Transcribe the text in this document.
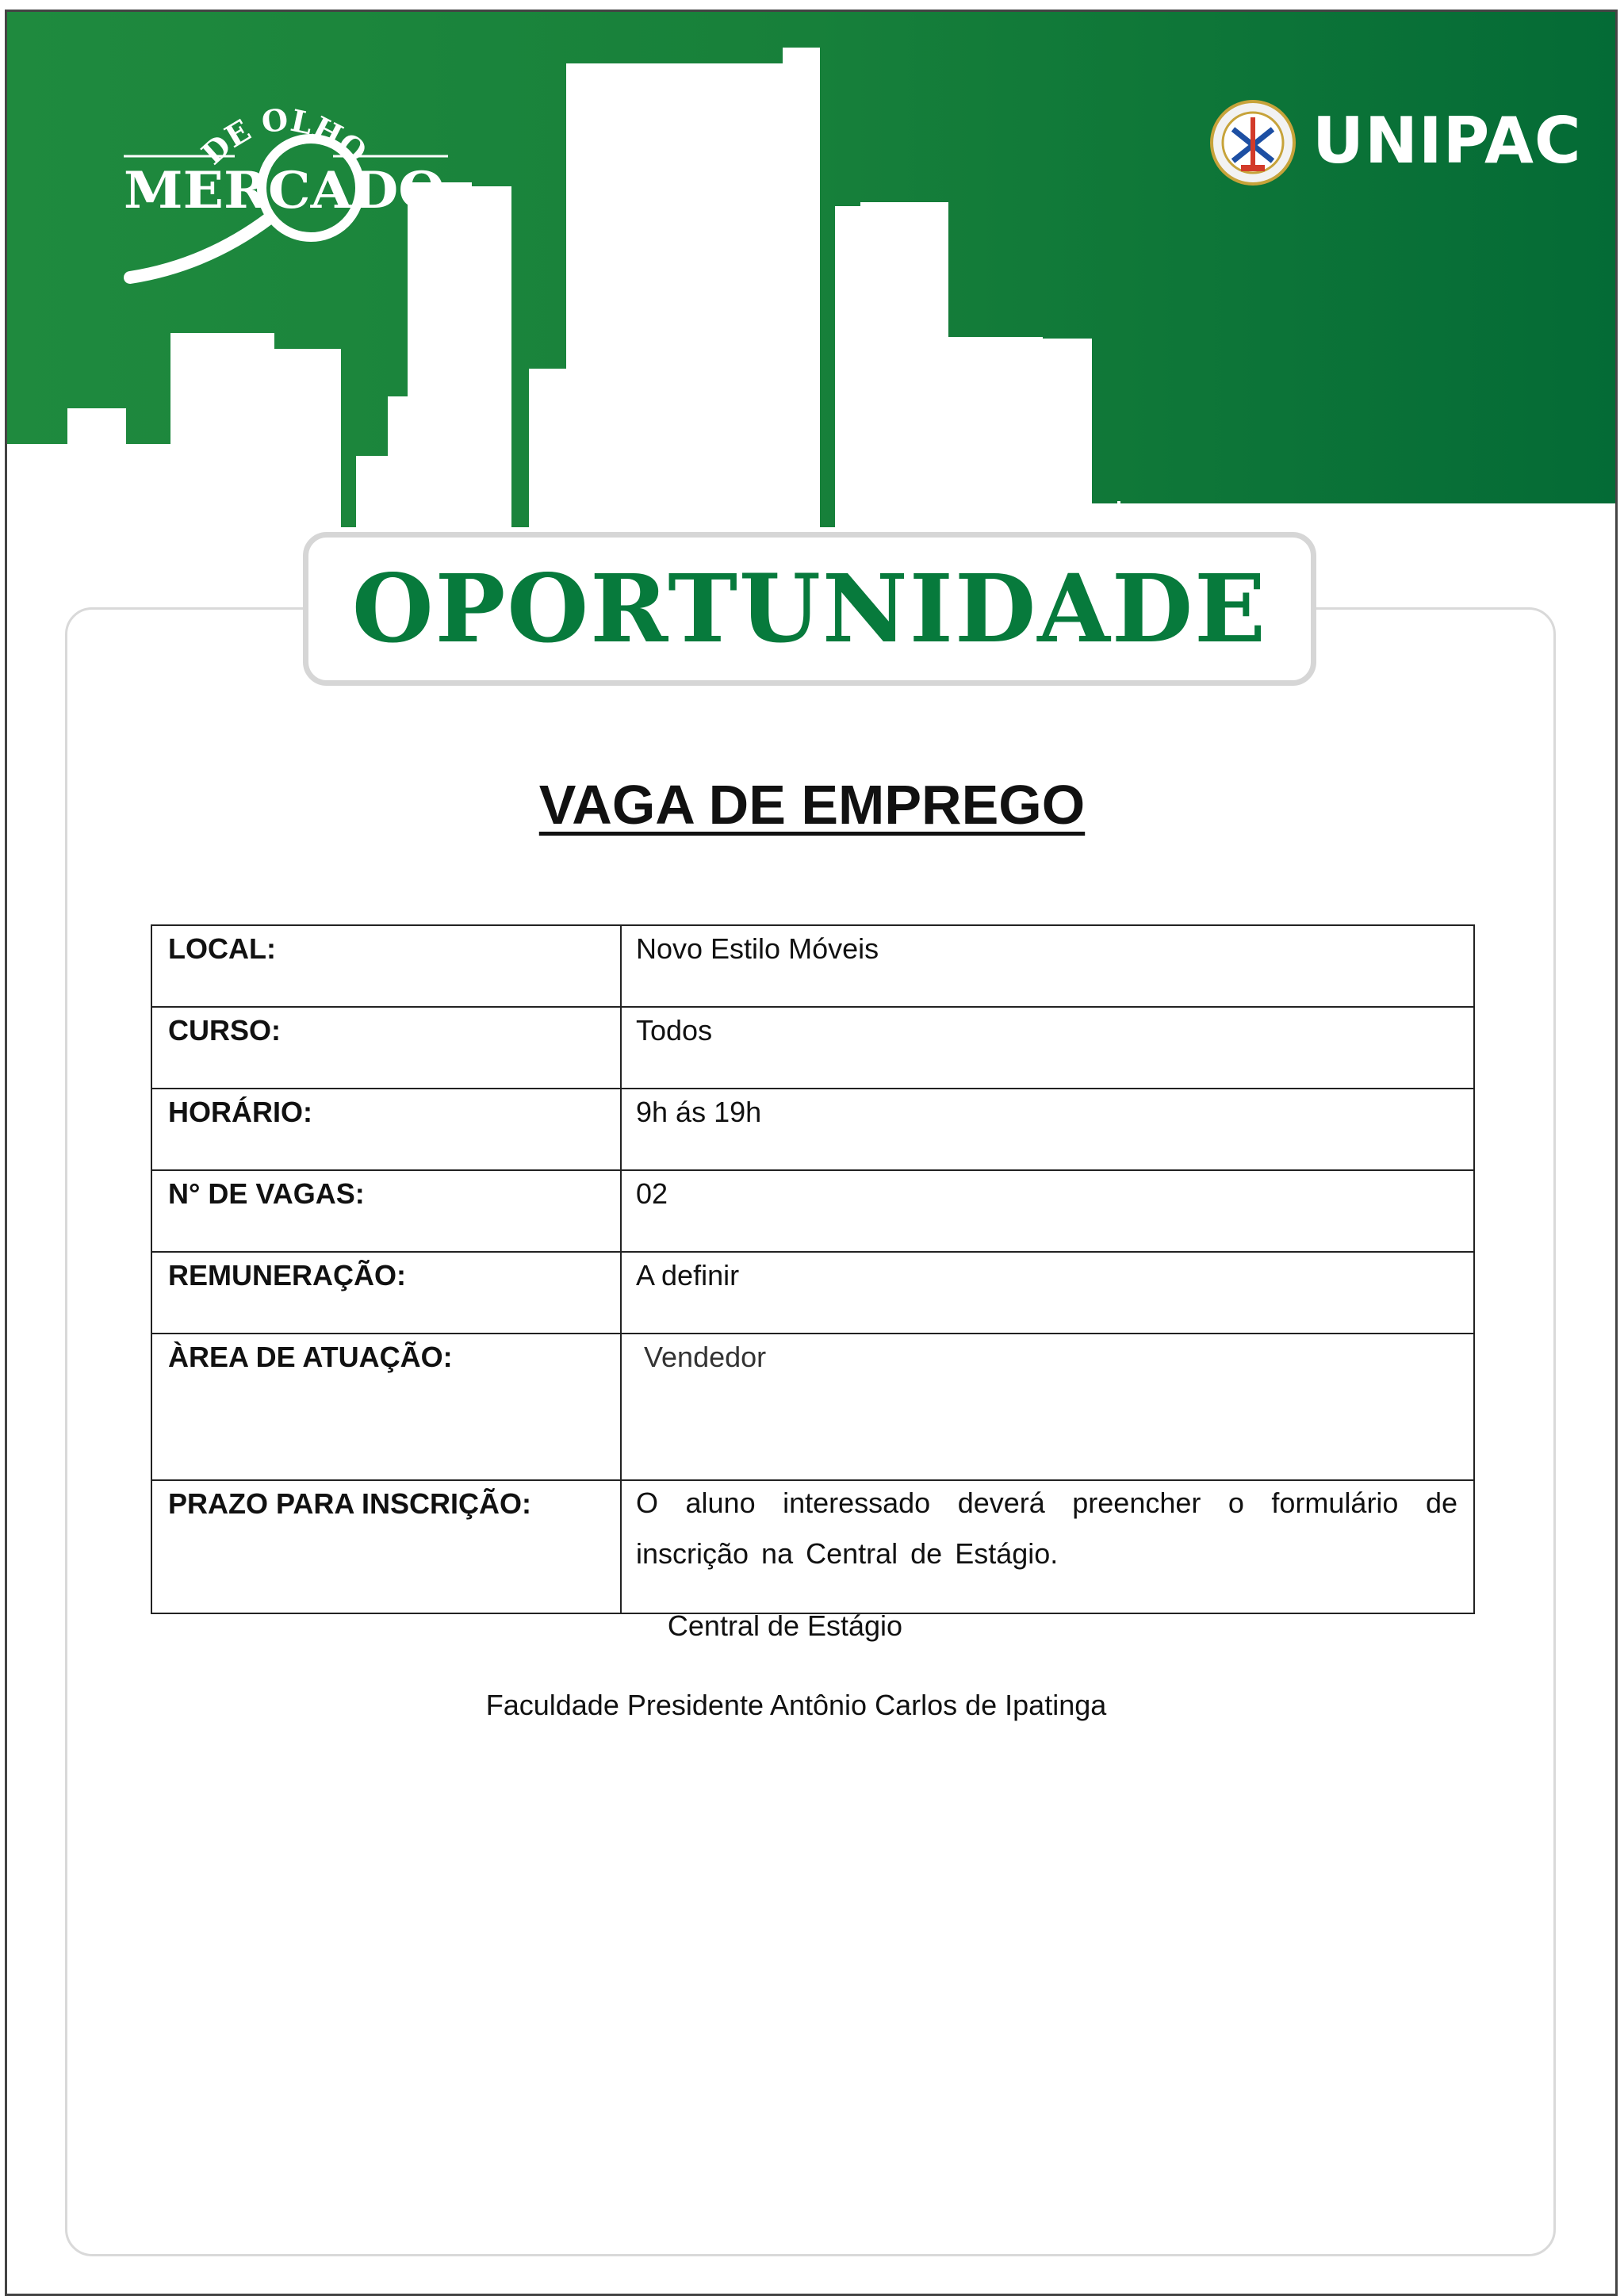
DE OLHO
MERCADO
UNIPAC
OPORTUNIDADE
VAGA DE EMPREGO
LOCAL:	Novo Estilo Móveis
CURSO:	Todos
HORÁRIO:	9h ás 19h
N° DE VAGAS:	02
REMUNERAÇÃO:	A definir
ÀREA DE ATUAÇÃO:	Vendedor
PRAZO PARA INSCRIÇÃO:	O aluno interessado deverá preencher o formulário de inscrição na Central de Estágio.
Central de Estágio
Faculdade Presidente Antônio Carlos de Ipatinga
